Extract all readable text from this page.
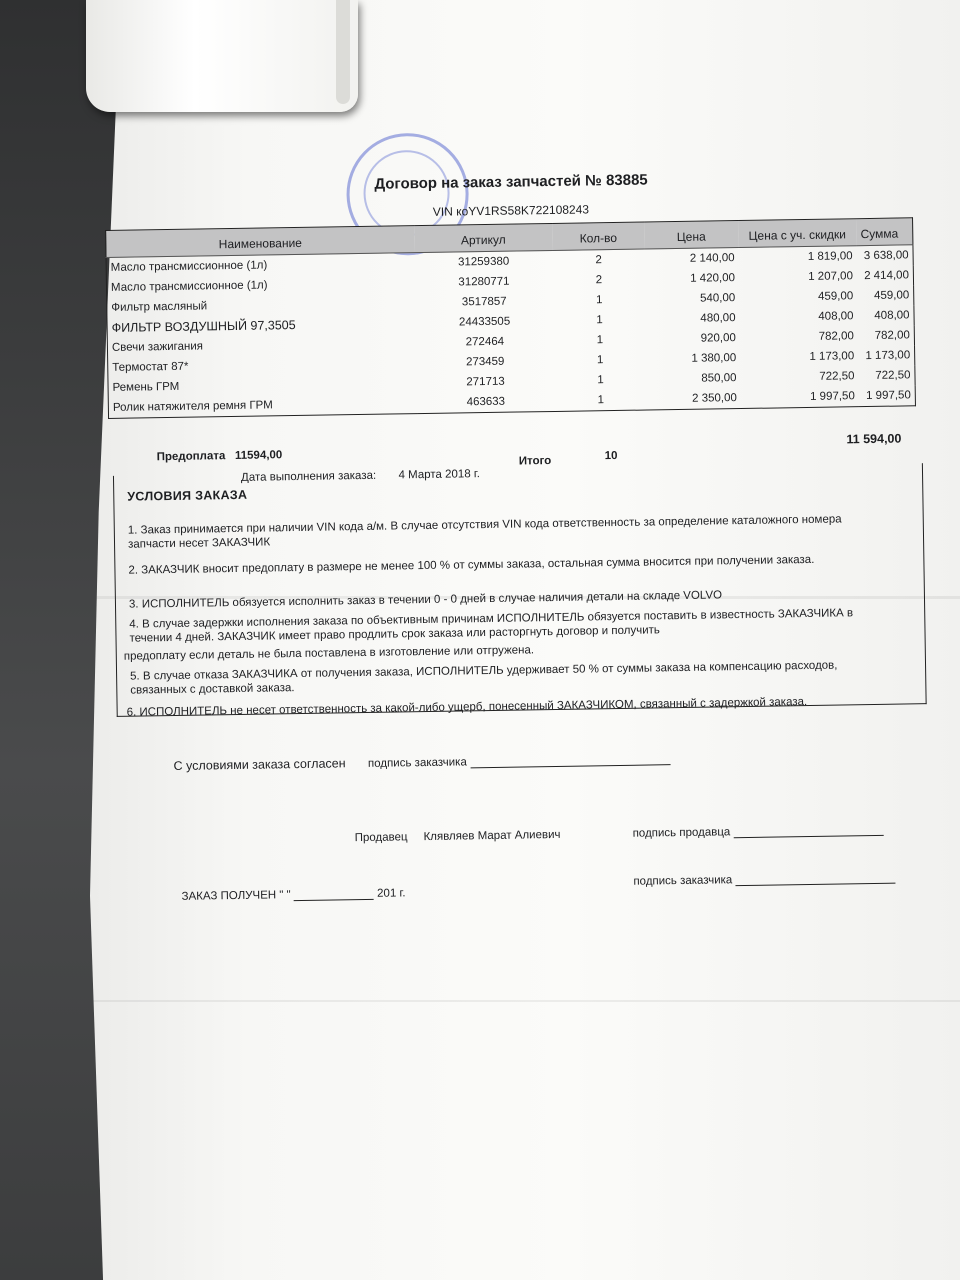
Договор на заказ запчастей № 83885
VIN коYV1RS58K722108243
Наименование	Артикул	Кол-во	Цена	Цена с уч. скидки	Сумма
Масло трансмиссионное (1л)	31259380	2	2 140,00	1 819,00	3 638,00
Масло трансмиссионное (1л)	31280771	2	1 420,00	1 207,00	2 414,00
Фильтр масляный	3517857	1	540,00	459,00	459,00
ФИЛЬТР ВОЗДУШНЫЙ 97,3505	24433505	1	480,00	408,00	408,00
Свечи зажигания	272464	1	920,00	782,00	782,00
Термостат 87*	273459	1	1 380,00	1 173,00	1 173,00
Ремень ГРМ	271713	1	850,00	722,50	722,50
Ролик натяжителя ремня ГРМ	463633	1	2 350,00	1 997,50	1 997,50
Предоплата 11594,00
Дата выполнения заказа: 4 Марта 2018 г.
Итого	10
11 594,00
УСЛОВИЯ ЗАКАЗА
1. Заказ принимается при наличии VIN кода а/м. В случае отсутствия VIN кода ответственность за определение каталожного номера запчасти несет ЗАКАЗЧИК
2. ЗАКАЗЧИК вносит предоплату в размере не менее 100 % от суммы заказа, остальная сумма вносится при получении заказа.
3. ИСПОЛНИТЕЛЬ обязуется исполнить заказ в течении 0 - 0 дней в случае наличия детали на складе VOLVO
4. В случае задержки исполнения заказа по объективным причинам ИСПОЛНИТЕЛЬ обязуется поставить в известность ЗАКАЗЧИКА в течении 4 дней. ЗАКАЗЧИК имеет право продлить срок заказа или расторгнуть договор и получить
предоплату если деталь не была поставлена в изготовление или отгружена.
5. В случае отказа ЗАКАЗЧИКА от получения заказа, ИСПОЛНИТЕЛЬ удерживает 50 % от суммы заказа на компенсацию расходов, связанных с доставкой заказа.
6. ИСПОЛНИТЕЛЬ не несет ответственность за какой-либо ущерб, понесенный ЗАКАЗЧИКОМ, связанный с задержкой заказа.
С условиями заказа согласен подпись заказчика
Продавец Клявляев Марат Алиевич	подпись продавца
ЗАКАЗ ПОЛУЧЕН " "	201 г.
подпись заказчика
